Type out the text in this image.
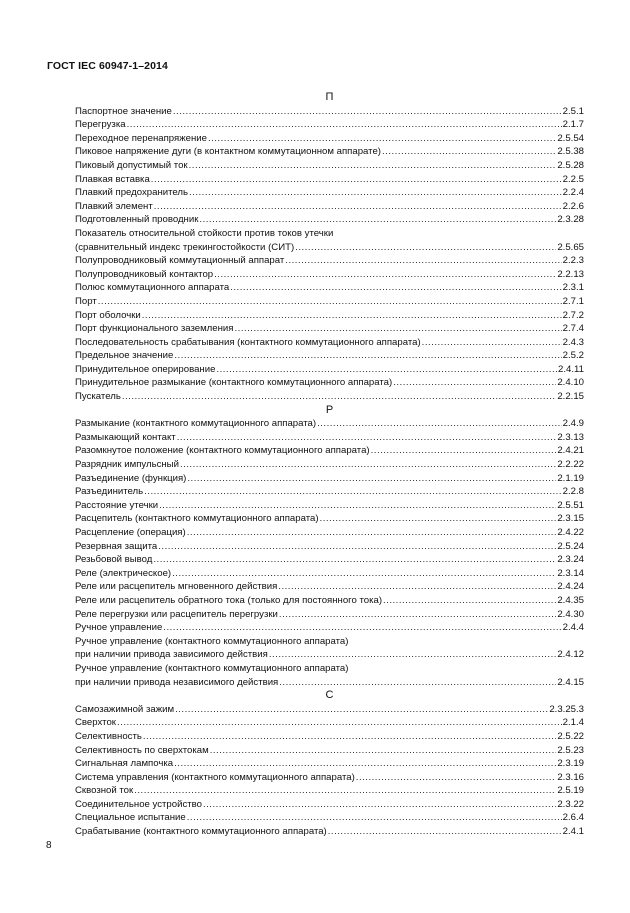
ГОСТ IEC 60947-1–2014
П
Паспортное значение .....	2.5.1
Перегрузка .....	2.1.7
Переходное перенапряжение .....	2.5.54
Пиковое напряжение дуги (в контактном коммутационном аппарате) .....	2.5.38
Пиковый допустимый ток .....	2.5.28
Плавкая вставка .....	2.2.5
Плавкий предохранитель .....	2.2.4
Плавкий элемент .....	2.2.6
Подготовленный проводник .....	2.3.28
Показатель относительной стойкости против токов утечки
(сравнительный индекс трекингостойкости (СИТ) .....	2.5.65
Полупроводниковый коммутационный аппарат .....	2.2.3
Полупроводниковый контактор .....	2.2.13
Полюс коммутационного аппарата .....	2.3.1
Порт .....	2.7.1
Порт оболочки .....	2.7.2
Порт функционального заземления .....	2.7.4
Последовательность срабатывания (контактного коммутационного аппарата) .....	2.4.3
Предельное значение .....	2.5.2
Принудительное оперирование .....	2.4.11
Принудительное размыкание (контактного коммутационного аппарата) .....	2.4.10
Пускатель .....	2.2.15
Р
Размыкание (контактного коммутационного аппарата) .....	2.4.9
Размыкающий контакт .....	2.3.13
Разомкнутое положение (контактного коммутационного аппарата) .....	2.4.21
Разрядник импульсный .....	2.2.22
Разъединение (функция) .....	2.1.19
Разъединитель .....	2.2.8
Расстояние утечки .....	2.5.51
Расцепитель (контактного коммутационного аппарата) .....	2.3.15
Расцепление (операция) .....	2.4.22
Резервная защита .....	2.5.24
Резьбовой вывод .....	2.3.24
Реле (электрическое) .....	2.3.14
Реле или расцепитель мгновенного действия .....	2.4.24
Реле или расцепитель обратного тока (только для постоянного тока) .....	2.4.35
Реле перегрузки или расцепитель перегрузки .....	2.4.30
Ручное управление .....	2.4.4
Ручное управление (контактного коммутационного аппарата)
при наличии привода зависимого действия .....	2.4.12
Ручное управление (контактного коммутационного аппарата)
при наличии привода независимого действия .....	2.4.15
С
Самозажимной зажим .....	2.3.25.3
Сверхток .....	2.1.4
Селективность .....	2.5.22
Селективность по сверхтокам .....	2.5.23
Сигнальная лампочка .....	2.3.19
Система управления (контактного коммутационного аппарата) .....	2.3.16
Сквозной ток .....	2.5.19
Соединительное устройство .....	2.3.22
Специальное испытание .....	2.6.4
Срабатывание (контактного коммутационного аппарата) .....	2.4.1
8
